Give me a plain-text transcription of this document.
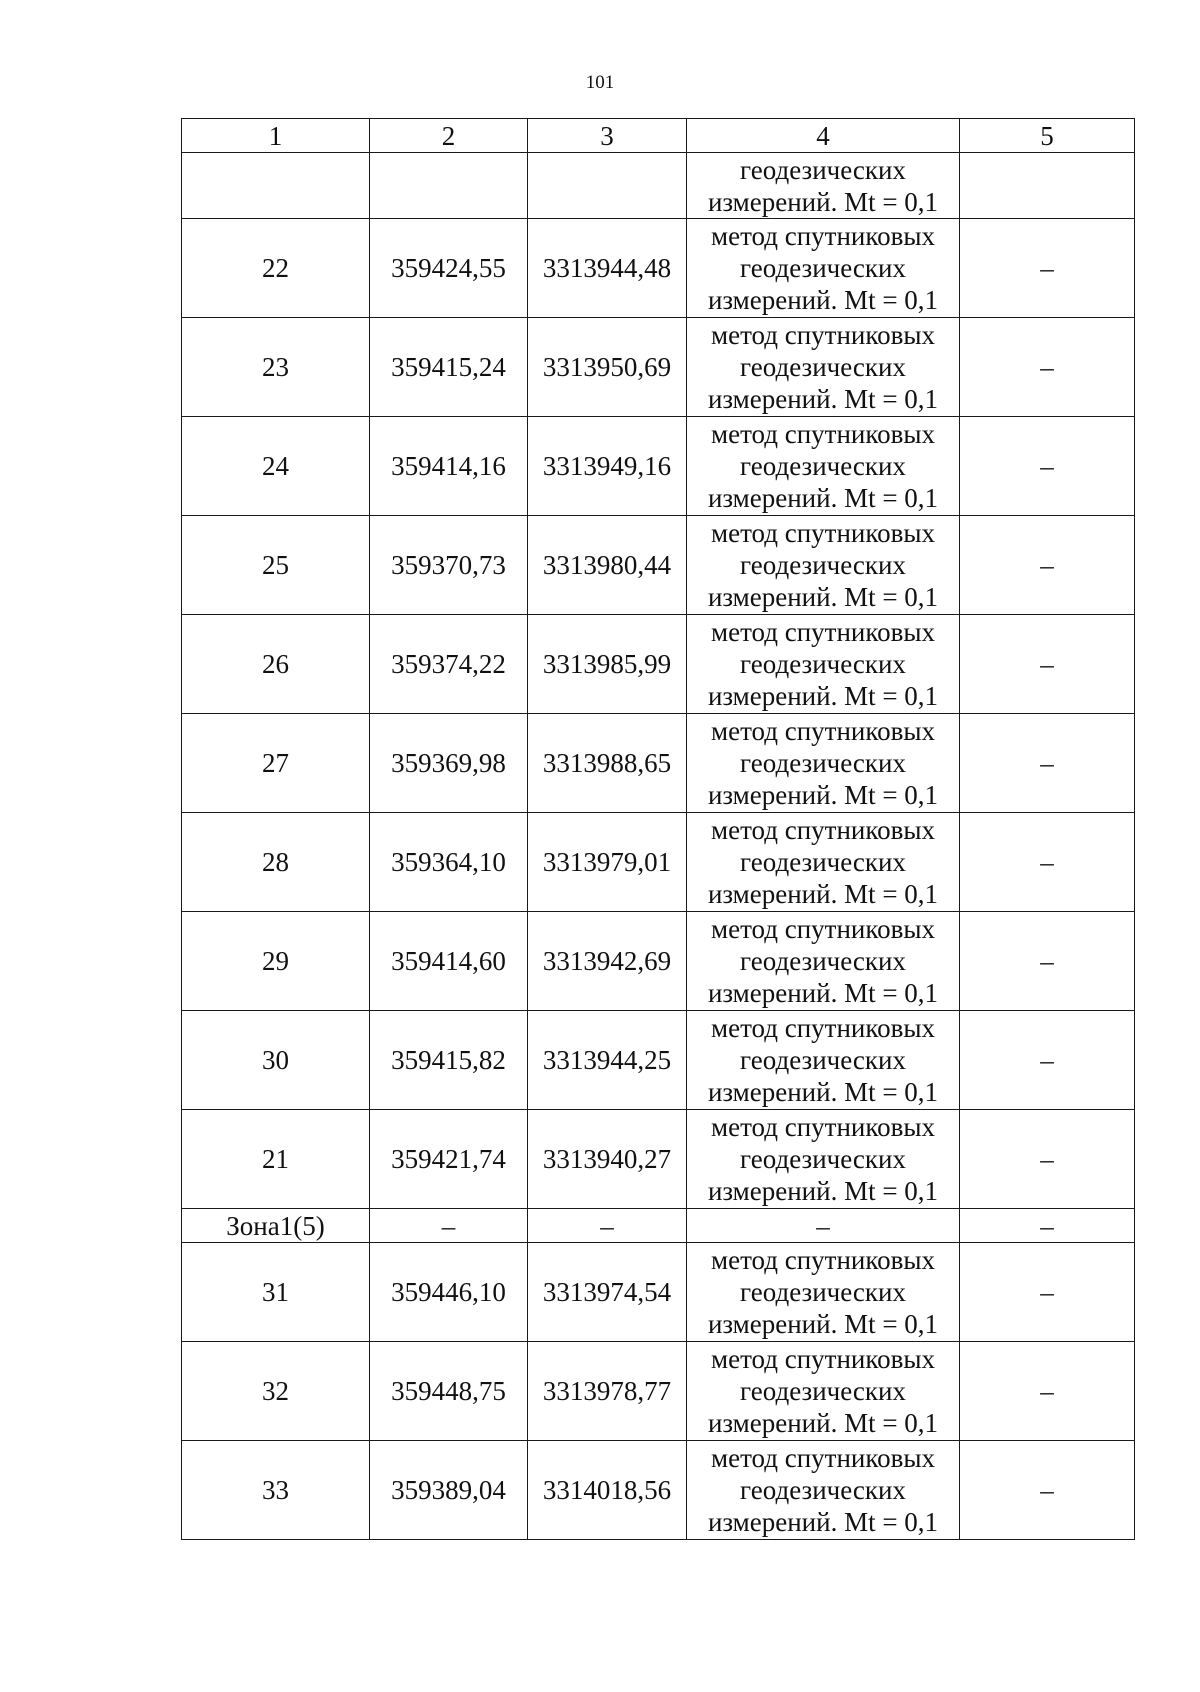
101
1	2	3	4	5

			геодезических
измерений. Mt = 0,1	

22	359424,55	3313944,48	метод спутниковых
геодезических
измерений. Mt = 0,1	–
23	359415,24	3313950,69	метод спутниковых
геодезических
измерений. Mt = 0,1	–
24	359414,16	3313949,16	метод спутниковых
геодезических
измерений. Mt = 0,1	–
25	359370,73	3313980,44	метод спутниковых
геодезических
измерений. Mt = 0,1	–
26	359374,22	3313985,99	метод спутниковых
геодезических
измерений. Mt = 0,1	–
27	359369,98	3313988,65	метод спутниковых
геодезических
измерений. Mt = 0,1	–
28	359364,10	3313979,01	метод спутниковых
геодезических
измерений. Mt = 0,1	–
29	359414,60	3313942,69	метод спутниковых
геодезических
измерений. Mt = 0,1	–
30	359415,82	3313944,25	метод спутниковых
геодезических
измерений. Mt = 0,1	–
21	359421,74	3313940,27	метод спутниковых
геодезических
измерений. Mt = 0,1	–
Зона1(5)	–	–	–	–
31	359446,10	3313974,54	метод спутниковых
геодезических
измерений. Mt = 0,1	–
32	359448,75	3313978,77	метод спутниковых
геодезических
измерений. Mt = 0,1	–
33	359389,04	3314018,56	метод спутниковых
геодезических
измерений. Mt = 0,1	–
